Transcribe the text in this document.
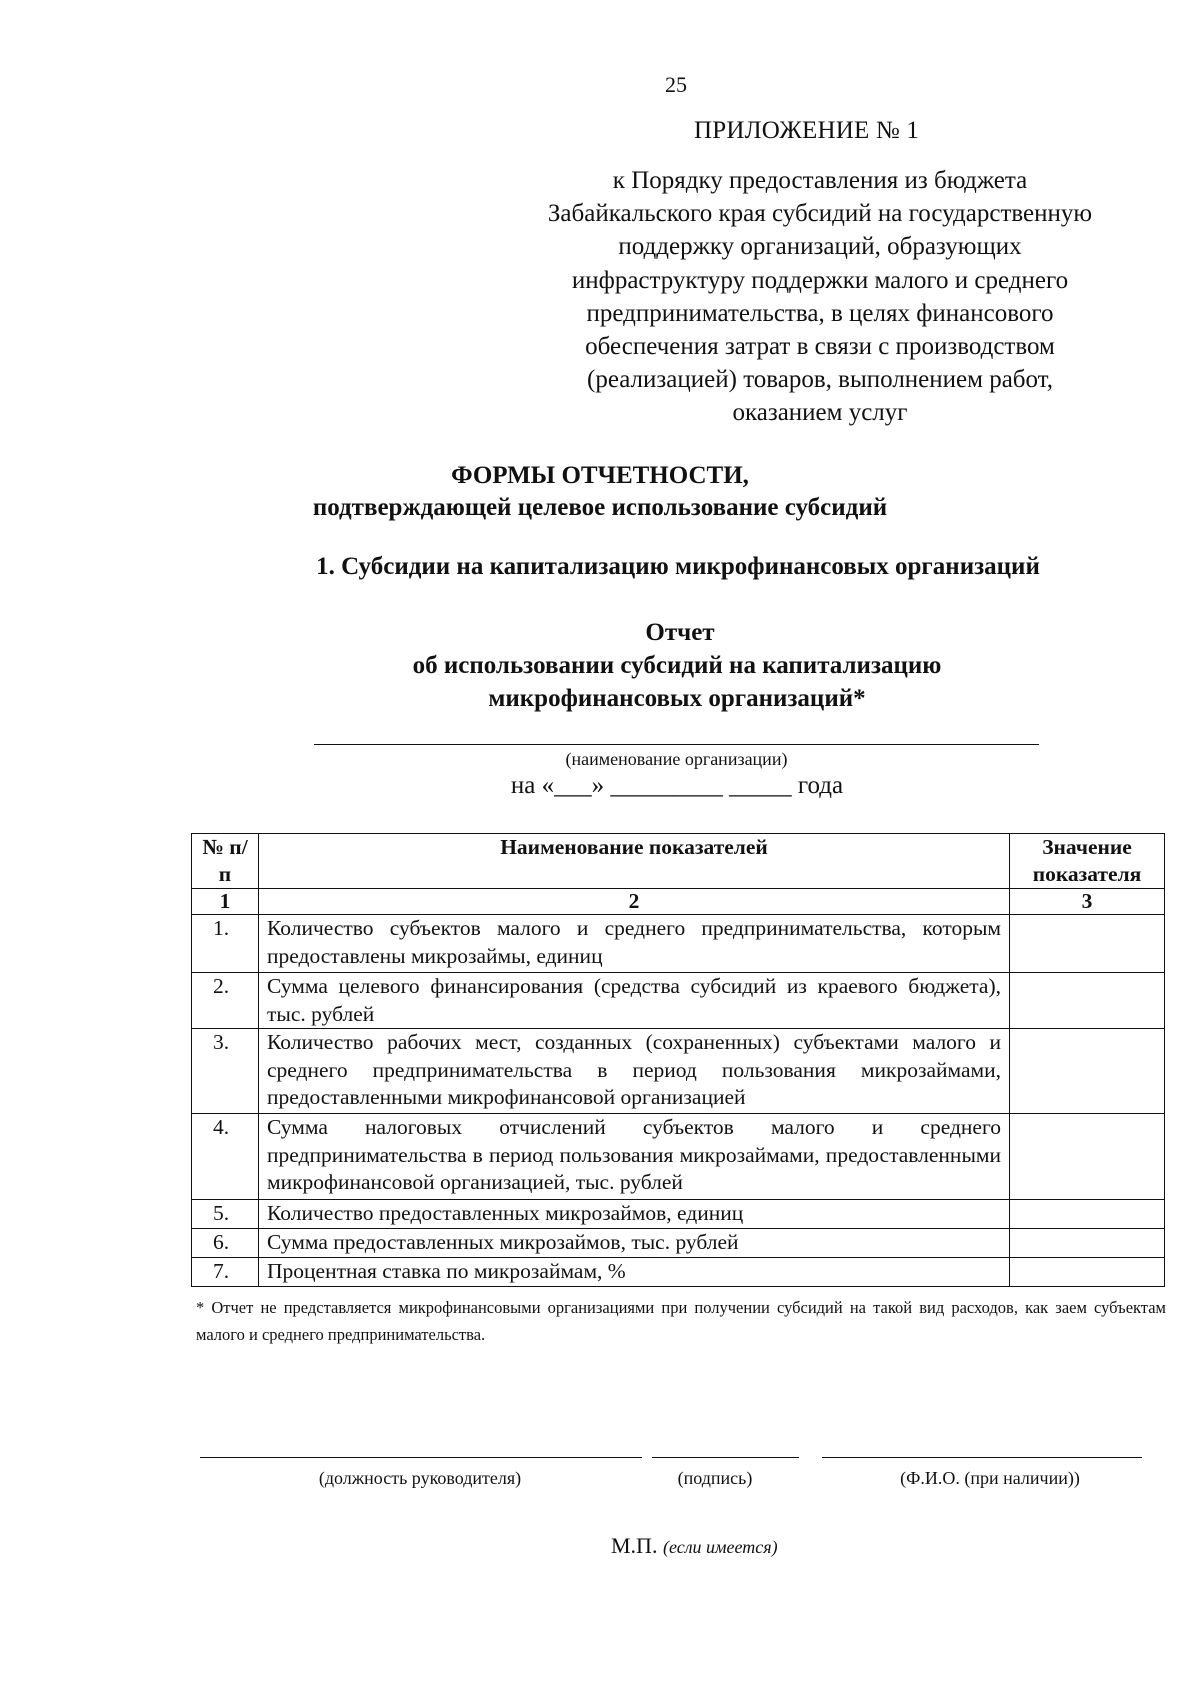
25
ПРИЛОЖЕНИЕ № 1
к Порядку предоставления из бюджета
Забайкальского края субсидий на государственную
поддержку организаций, образующих
инфраструктуру поддержки малого и среднего
предпринимательства, в целях финансового
обеспечения затрат в связи с производством
(реализацией) товаров, выполнением работ,
оказанием услуг
ФОРМЫ ОТЧЕТНОСТИ,
подтверждающей целевое использование субсидий
1. Субсидии на капитализацию микрофинансовых организаций
Отчет
об использовании субсидий на капитализацию
микрофинансовых организаций*
(наименование организации)
на «___» _________ _____ года
№ п/п	Наименование показателей	Значение показателя
1	2	3
1.	Количество субъектов малого и среднего предпринимательства, которым предоставлены микрозаймы, единиц	
2.	Сумма целевого финансирования (средства субсидий из краевого бюджета), тыс. рублей	
3.	Количество рабочих мест, созданных (сохраненных) субъектами малого и среднего предпринимательства в период пользования микрозаймами, предоставленными микрофинансовой организацией	
4.	Сумма налоговых отчислений субъектов малого и среднего предпринимательства в период пользования микрозаймами, предоставленными микрофинансовой организацией, тыс. рублей	
5.	Количество предоставленных микрозаймов, единиц	
6.	Сумма предоставленных микрозаймов, тыс. рублей	
7.	Процентная ставка по микрозаймам, %	
* Отчет не представляется микрофинансовыми организациями при получении субсидий на такой вид расходов, как заем субъектам малого и среднего предпринимательства.
(должность руководителя)	(подпись)	(Ф.И.О. (при наличии))
М.П. (если имеется)
